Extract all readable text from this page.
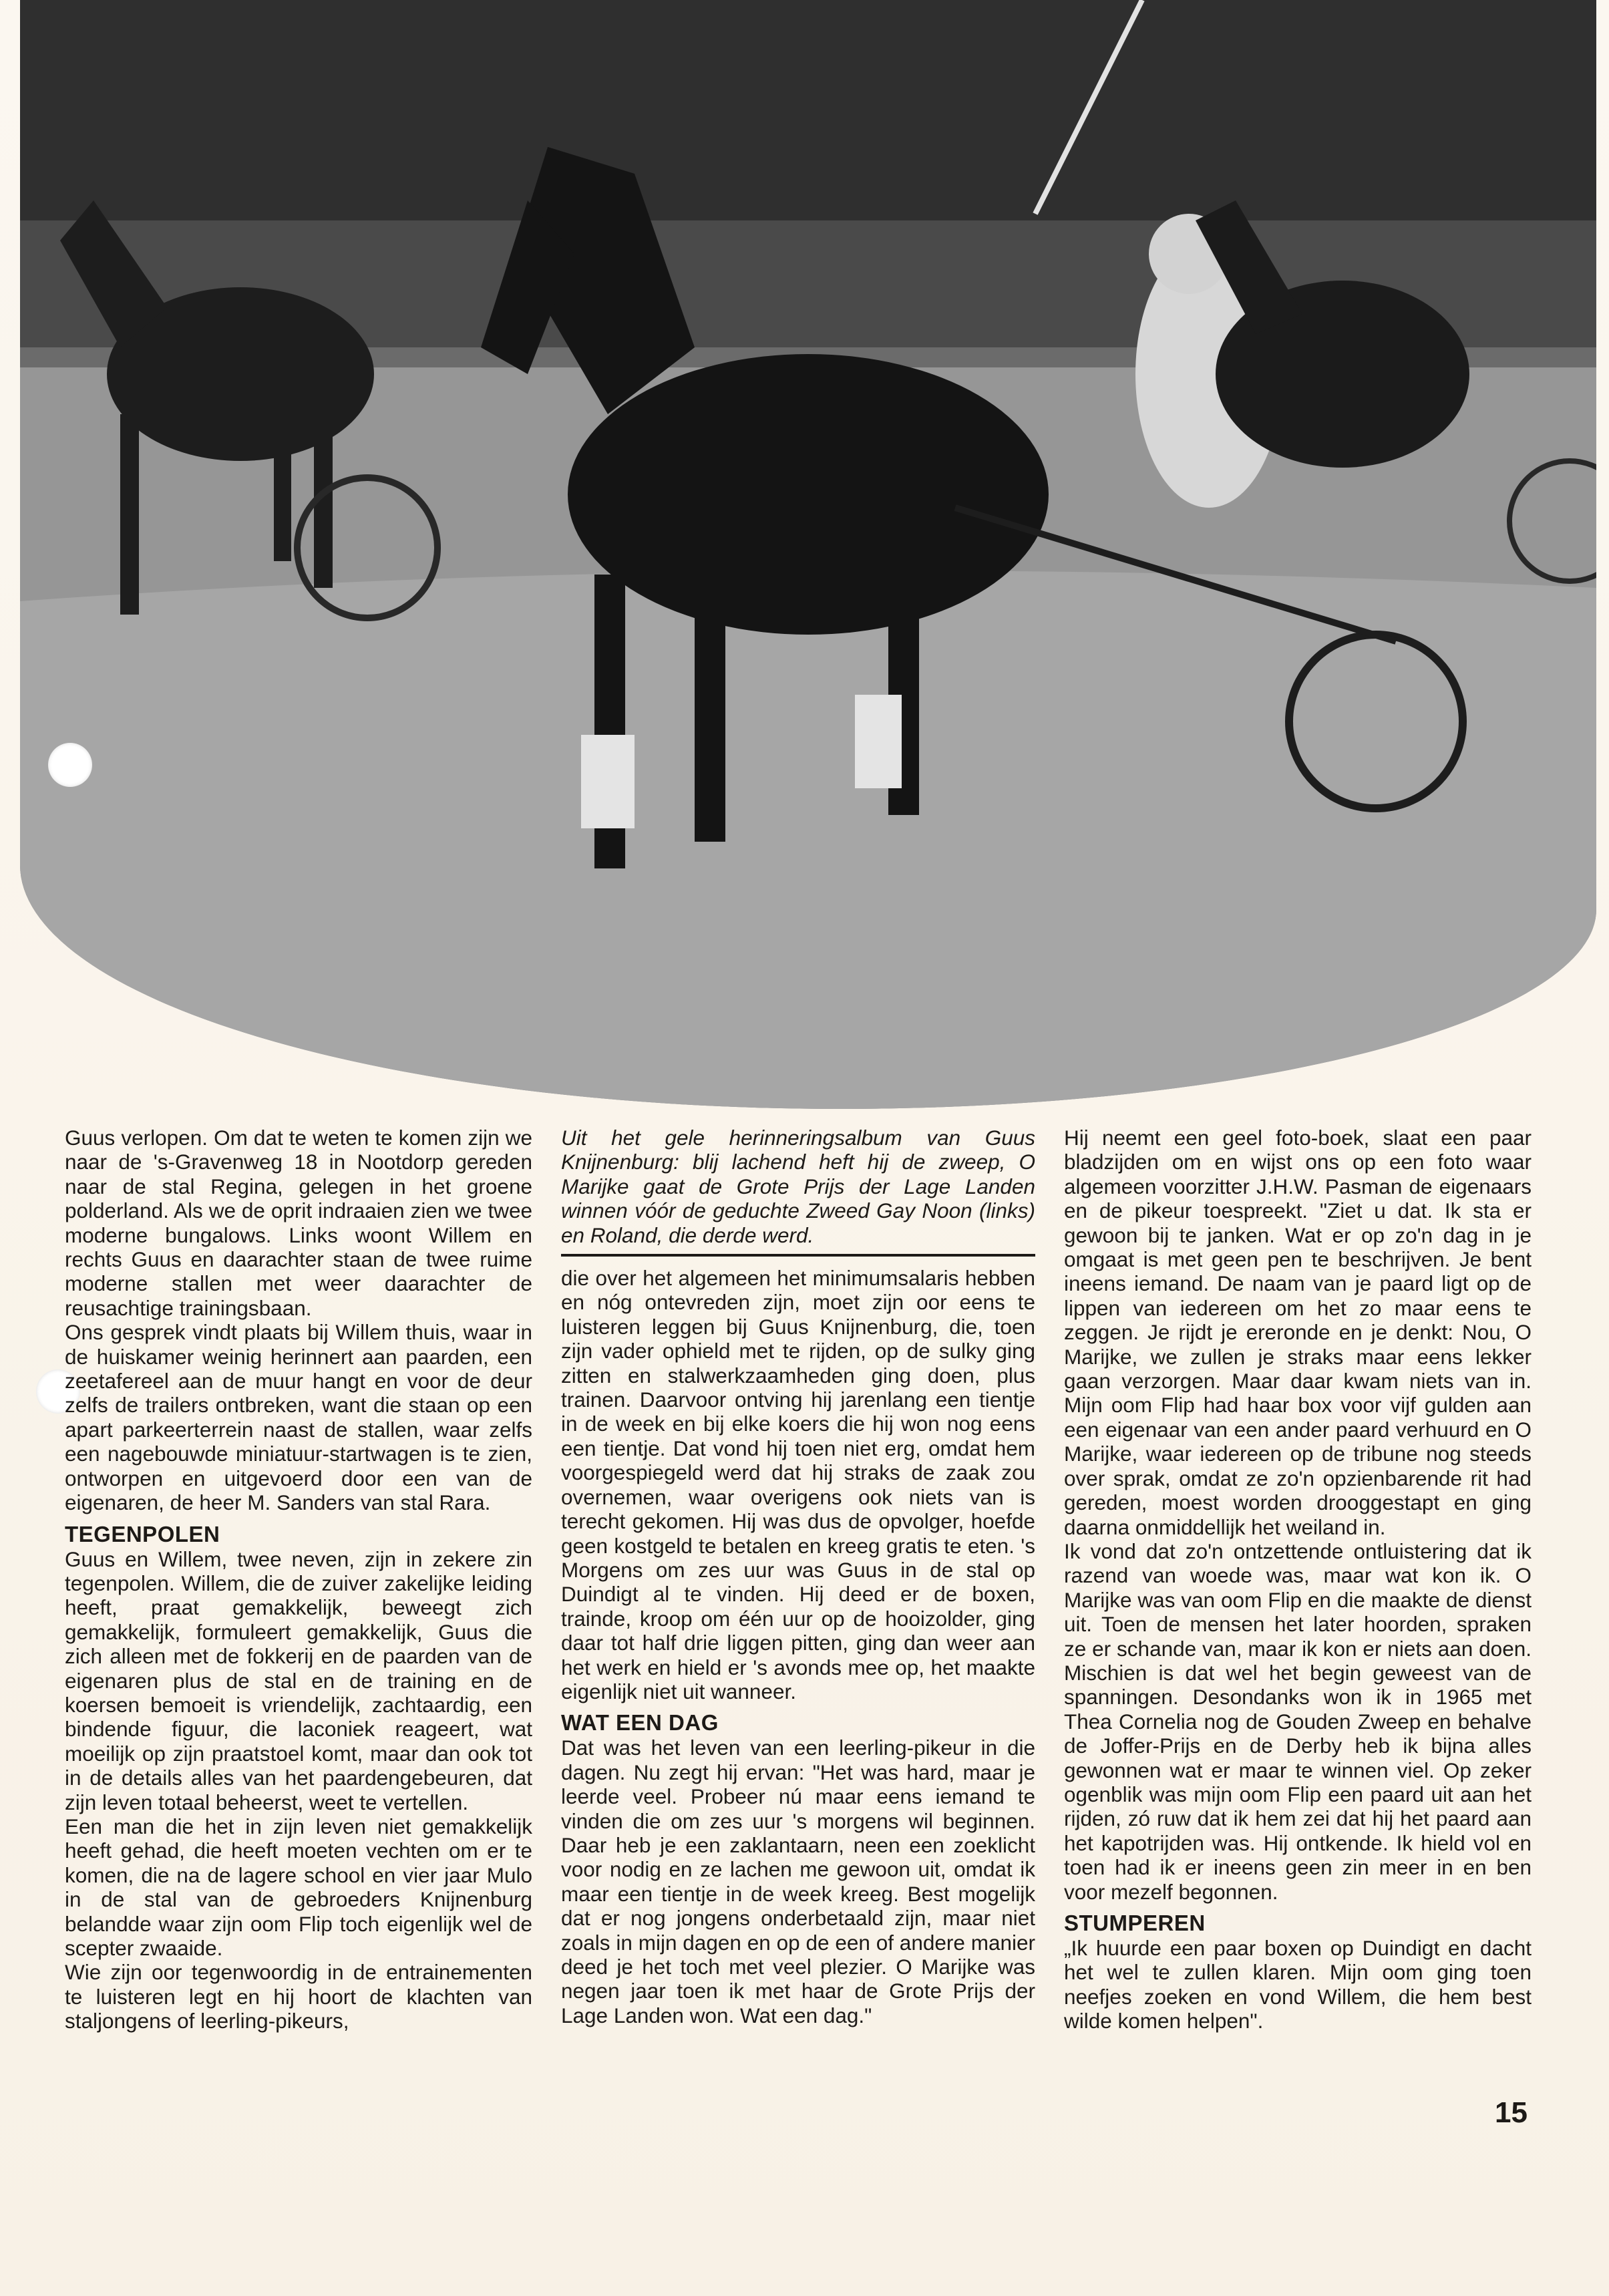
Guus verlopen. Om dat te weten te komen zijn we naar de 's-Gravenweg 18 in Nootdorp gereden naar de stal Regina, gelegen in het groene polderland. Als we de oprit indraaien zien we twee moderne bungalows. Links woont Willem en rechts Guus en daarachter staan de twee ruime moderne stallen met weer daarachter de reusachtige trainingsbaan.

Ons gesprek vindt plaats bij Willem thuis, waar in de huiskamer weinig herinnert aan paarden, een zeetafereel aan de muur hangt en voor de deur zelfs de trailers ontbreken, want die staan op een apart parkeerterrein naast de stallen, waar zelfs een nagebouwde miniatuur-startwagen is te zien, ontworpen en uitgevoerd door een van de eigenaren, de heer M. Sanders van stal Rara.

TEGENPOLEN

Guus en Willem, twee neven, zijn in zekere zin tegenpolen. Willem, die de zuiver zakelijke leiding heeft, praat gemakkelijk, beweegt zich gemakkelijk, formuleert gemakkelijk, Guus die zich alleen met de fokkerij en de paarden van de eigenaren plus de stal en de training en de koersen bemoeit is vriendelijk, zachtaardig, een bindende figuur, die laconiek reageert, wat moeilijk op zijn praatstoel komt, maar dan ook tot in de details alles van het paardengebeuren, dat zijn leven totaal beheerst, weet te vertellen.

Een man die het in zijn leven niet gemakkelijk heeft gehad, die heeft moeten vechten om er te komen, die na de lagere school en vier jaar Mulo in de stal van de gebroeders Knijnenburg belandde waar zijn oom Flip toch eigenlijk wel de scepter zwaaide.

Wie zijn oor tegenwoordig in de entrainementen te luisteren legt en hij hoort de klachten van staljongens of leerling-pikeurs,

Uit het gele herinneringsalbum van Guus Knijnenburg: blij lachend heft hij de zweep, O Marijke gaat de Grote Prijs der Lage Landen winnen vóór de geduchte Zweed Gay Noon (links) en Roland, die derde werd.

die over het algemeen het minimumsalaris hebben en nóg ontevreden zijn, moet zijn oor eens te luisteren leggen bij Guus Knijnenburg, die, toen zijn vader ophield met te rijden, op de sulky ging zitten en stalwerkzaamheden ging doen, plus trainen. Daarvoor ontving hij jarenlang een tientje in de week en bij elke koers die hij won nog eens een tientje. Dat vond hij toen niet erg, omdat hem voorgespiegeld werd dat hij straks de zaak zou overnemen, waar overigens ook niets van is terecht gekomen. Hij was dus de opvolger, hoefde geen kostgeld te betalen en kreeg gratis te eten. 's Morgens om zes uur was Guus in de stal op Duindigt al te vinden. Hij deed er de boxen, trainde, kroop om één uur op de hooizolder, ging daar tot half drie liggen pitten, ging dan weer aan het werk en hield er 's avonds mee op, het maakte eigenlijk niet uit wanneer.

WAT EEN DAG

Dat was het leven van een leerling-pikeur in die dagen. Nu zegt hij ervan: "Het was hard, maar je leerde veel. Probeer nú maar eens iemand te vinden die om zes uur 's morgens wil beginnen. Daar heb je een zaklantaarn, neen een zoeklicht voor nodig en ze lachen me gewoon uit, omdat ik maar een tientje in de week kreeg. Best mogelijk dat er nog jongens onderbetaald zijn, maar niet zoals in mijn dagen en op de een of andere manier deed je het toch met veel plezier. O Marijke was negen jaar toen ik met haar de Grote Prijs der Lage Landen won. Wat een dag."

Hij neemt een geel foto-boek, slaat een paar bladzijden om en wijst ons op een foto waar algemeen voorzitter J.H.W. Pasman de eigenaars en de pikeur toespreekt. "Ziet u dat. Ik sta er gewoon bij te janken. Wat er op zo'n dag in je omgaat is met geen pen te beschrijven. Je bent ineens iemand. De naam van je paard ligt op de lippen van iedereen om het zo maar eens te zeggen. Je rijdt je ereronde en je denkt: Nou, O Marijke, we zullen je straks maar eens lekker gaan verzorgen. Maar daar kwam niets van in. Mijn oom Flip had haar box voor vijf gulden aan een eigenaar van een ander paard verhuurd en O Marijke, waar iedereen op de tribune nog steeds over sprak, omdat ze zo'n opzienbarende rit had gereden, moest worden drooggestapt en ging daarna onmiddellijk het weiland in.

Ik vond dat zo'n ontzettende ontluistering dat ik razend van woede was, maar wat kon ik. O Marijke was van oom Flip en die maakte de dienst uit. Toen de mensen het later hoorden, spraken ze er schande van, maar ik kon er niets aan doen. Mischien is dat wel het begin geweest van de spanningen. Desondanks won ik in 1965 met Thea Cornelia nog de Gouden Zweep en behalve de Joffer-Prijs en de Derby heb ik bijna alles gewonnen wat er maar te winnen viel. Op zeker ogenblik was mijn oom Flip een paard uit aan het rijden, zó ruw dat ik hem zei dat hij het paard aan het kapotrijden was. Hij ontkende. Ik hield vol en toen had ik er ineens geen zin meer in en ben voor mezelf begonnen.

STUMPEREN

„Ik huurde een paar boxen op Duindigt en dacht het wel te zullen klaren. Mijn oom ging toen neefjes zoeken en vond Willem, die hem best wilde komen helpen".

15
